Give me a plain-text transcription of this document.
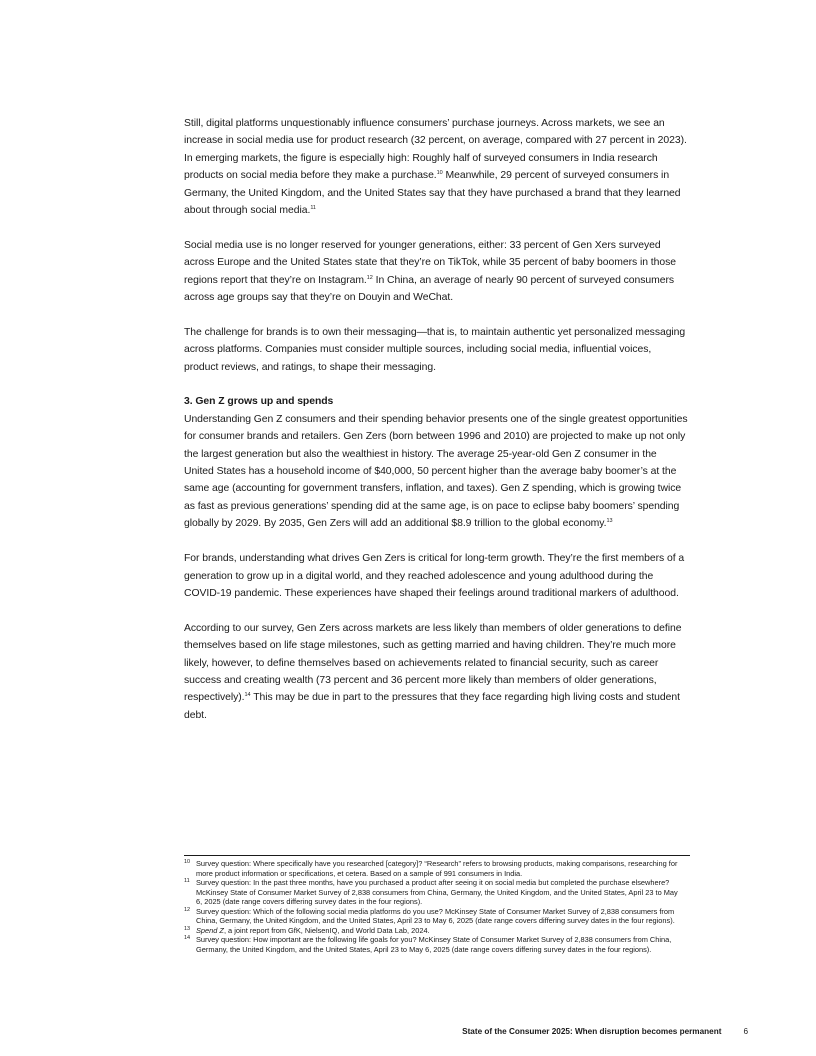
Still, digital platforms unquestionably influence consumers’ purchase journeys. Across markets, we see an increase in social media use for product research (32 percent, on average, compared with 27 percent in 2023). In emerging markets, the figure is especially high: Roughly half of surveyed consumers in India research products on social media before they make a purchase.$^{10}$ Meanwhile, 29 percent of surveyed consumers in Germany, the United Kingdom, and the United States say that they have purchased a brand that they learned about through social media.$^{11}$

Social media use is no longer reserved for younger generations, either: 33 percent of Gen Xers surveyed across Europe and the United States state that they’re on TikTok, while 35 percent of baby boomers in those regions report that they’re on Instagram.$^{12}$ In China, an average of nearly 90 percent of surveyed consumers across age groups say that they’re on Douyin and WeChat.

The challenge for brands is to own their messaging—that is, to maintain authentic yet personalized messaging across platforms. Companies must consider multiple sources, including social media, influential voices, product reviews, and ratings, to shape their messaging.

3. Gen Z grows up and spends

Understanding Gen Z consumers and their spending behavior presents one of the single greatest opportunities for consumer brands and retailers. Gen Zers (born between 1996 and 2010) are projected to make up not only the largest generation but also the wealthiest in history. The average 25-year-old Gen Z consumer in the United States has a household income of $40,000, 50 percent higher than the average baby boomer’s at the same age (accounting for government transfers, inflation, and taxes). Gen Z spending, which is growing twice as fast as previous generations’ spending did at the same age, is on pace to eclipse baby boomers’ spending globally by 2029. By 2035, Gen Zers will add an additional $8.9 trillion to the global economy.$^{13}$

For brands, understanding what drives Gen Zers is critical for long-term growth. They’re the first members of a generation to grow up in a digital world, and they reached adolescence and young adulthood during the COVID-19 pandemic. These experiences have shaped their feelings around traditional markers of adulthood.

According to our survey, Gen Zers across markets are less likely than members of older generations to define themselves based on life stage milestones, such as getting married and having children. They’re much more likely, however, to define themselves based on achievements related to financial security, such as career success and creating wealth (73 percent and 36 percent more likely than members of older generations, respectively).$^{14}$ This may be due in part to the pressures that they face regarding high living costs and student debt.

10 Survey question: Where specifically have you researched [category]? “Research” refers to browsing products, making comparisons, researching for more product information or specifications, et cetera. Based on a sample of 991 consumers in India.

11 Survey question: In the past three months, have you purchased a product after seeing it on social media but completed the purchase elsewhere? McKinsey State of Consumer Market Survey of 2,838 consumers from China, Germany, the United Kingdom, and the United States, April 23 to May 6, 2025 (date range covers differing survey dates in the four regions).

12 Survey question: Which of the following social media platforms do you use? McKinsey State of Consumer Market Survey of 2,838 consumers from China, Germany, the United Kingdom, and the United States, April 23 to May 6, 2025 (date range covers differing survey dates in the four regions).

13 Spend Z, a joint report from GfK, NielsenIQ, and World Data Lab, 2024.

14 Survey question: How important are the following life goals for you? McKinsey State of Consumer Market Survey of 2,838 consumers from China, Germany, the United Kingdom, and the United States, April 23 to May 6, 2025 (date range covers differing survey dates in the four regions).

State of the Consumer 2025: When disruption becomes permanent	6
